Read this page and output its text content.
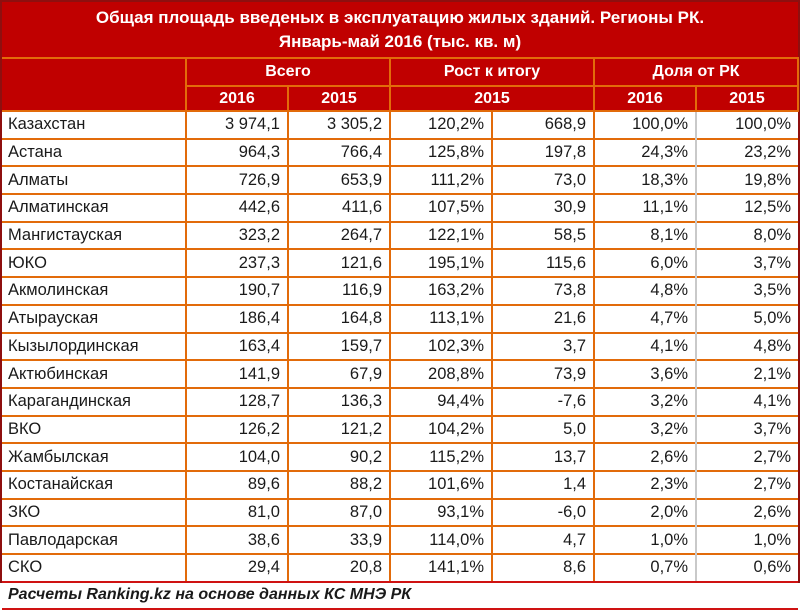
Общая площадь введеных в эксплуатацию жилых зданий. Регионы РК.
Январь-май 2016 (тыс. кв. м)
	Всего		Рост к итогу		Доля от РК	
	2016	2015	2015		2016	2015
Казахстан	3 974,1	3 305,2	120,2%	668,9	100,0%	100,0%
Астана	964,3	766,4	125,8%	197,8	24,3%	23,2%
Алматы	726,9	653,9	111,2%	73,0	18,3%	19,8%
Алматинская	442,6	411,6	107,5%	30,9	11,1%	12,5%
Мангистауская	323,2	264,7	122,1%	58,5	8,1%	8,0%
ЮКО	237,3	121,6	195,1%	115,6	6,0%	3,7%
Акмолинская	190,7	116,9	163,2%	73,8	4,8%	3,5%
Атырауская	186,4	164,8	113,1%	21,6	4,7%	5,0%
Кызылординская	163,4	159,7	102,3%	3,7	4,1%	4,8%
Актюбинская	141,9	67,9	208,8%	73,9	3,6%	2,1%
Карагандинская	128,7	136,3	94,4%	-7,6	3,2%	4,1%
ВКО	126,2	121,2	104,2%	5,0	3,2%	3,7%
Жамбылская	104,0	90,2	115,2%	13,7	2,6%	2,7%
Костанайская	89,6	88,2	101,6%	1,4	2,3%	2,7%
ЗКО	81,0	87,0	93,1%	-6,0	2,0%	2,6%
Павлодарская	38,6	33,9	114,0%	4,7	1,0%	1,0%
СКО	29,4	20,8	141,1%	8,6	0,7%	0,6%
Расчеты Ranking.kz на основе данных КС МНЭ РК
